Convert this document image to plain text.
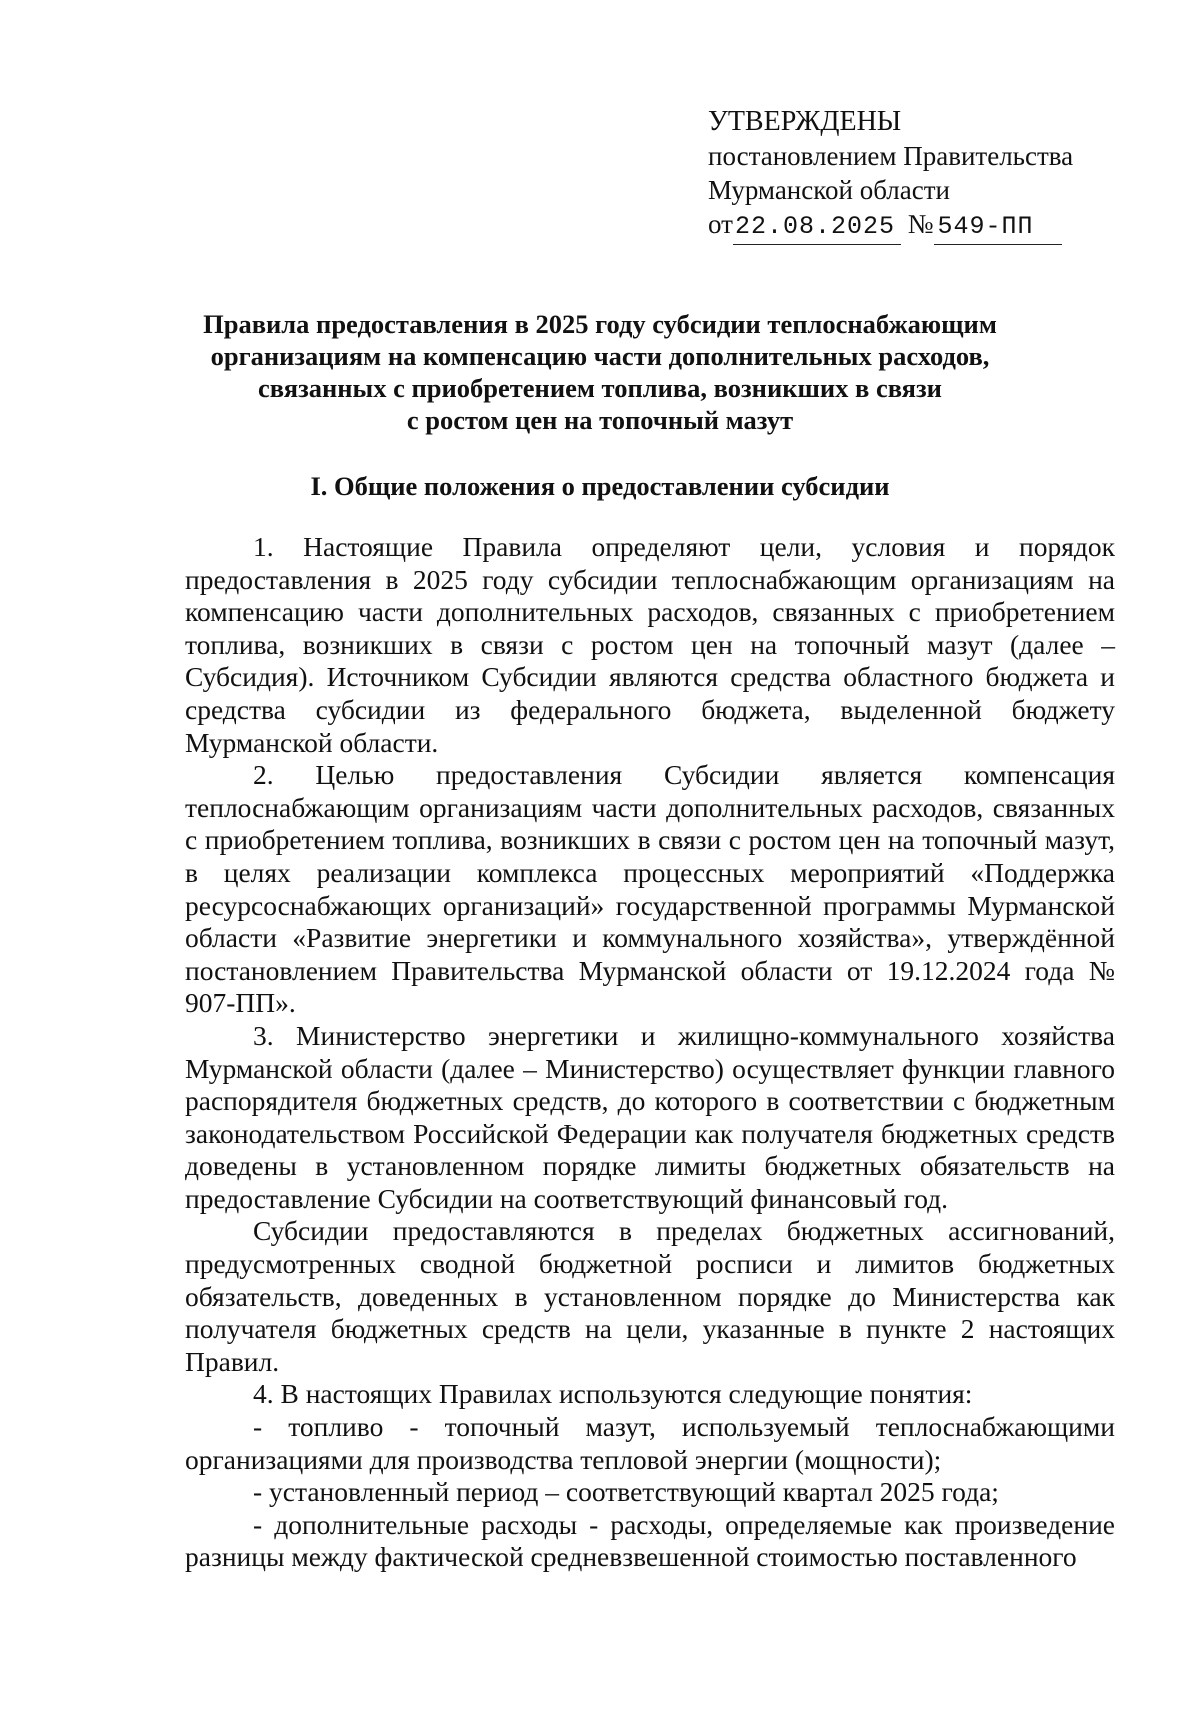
УТВЕРЖДЕНЫ
постановлением Правительства
Мурманской области
от22.08.2025 № 549-ПП
Правила предоставления в 2025 году субсидии теплоснабжающим
организациям на компенсацию части дополнительных расходов,
связанных с приобретением топлива, возникших в связи
с ростом цен на топочный мазут
I. Общие положения о предоставлении субсидии

1. Настоящие Правила определяют цели, условия и порядок предоставления в 2025 году субсидии теплоснабжающим организациям на компенсацию части дополнительных расходов, связанных с приобретением топлива, возникших в связи с ростом цен на топочный мазут (далее – Субсидия). Источником Субсидии являются средства областного бюджета и средства субсидии из федерального бюджета, выделенной бюджету Мурманской области.

2. Целью предоставления Субсидии является компенсация теплоснабжающим организациям части дополнительных расходов, связанных с приобретением топлива, возникших в связи с ростом цен на топочный мазут, в целях реализации комплекса процессных мероприятий «Поддержка ресурсоснабжающих организаций» государственной программы Мурманской области «Развитие энергетики и коммунального хозяйства», утверждённой постановлением Правительства Мурманской области от 19.12.2024 года № 907-ПП».

3. Министерство энергетики и жилищно-коммунального хозяйства Мурманской области (далее – Министерство) осуществляет функции главного распорядителя бюджетных средств, до которого в соответствии с бюджетным законодательством Российской Федерации как получателя бюджетных средств доведены в установленном порядке лимиты бюджетных обязательств на предоставление Субсидии на соответствующий финансовый год.

Субсидии предоставляются в пределах бюджетных ассигнований, предусмотренных сводной бюджетной росписи и лимитов бюджетных обязательств, доведенных в установленном порядке до Министерства как получателя бюджетных средств на цели, указанные в пункте 2 настоящих Правил.

4. В настоящих Правилах используются следующие понятия:

- топливо - топочный мазут, используемый теплоснабжающими организациями для производства тепловой энергии (мощности);

- установленный период – соответствующий квартал 2025 года;

- дополнительные расходы - расходы, определяемые как произведение разницы между фактической средневзвешенной стоимостью поставленного
